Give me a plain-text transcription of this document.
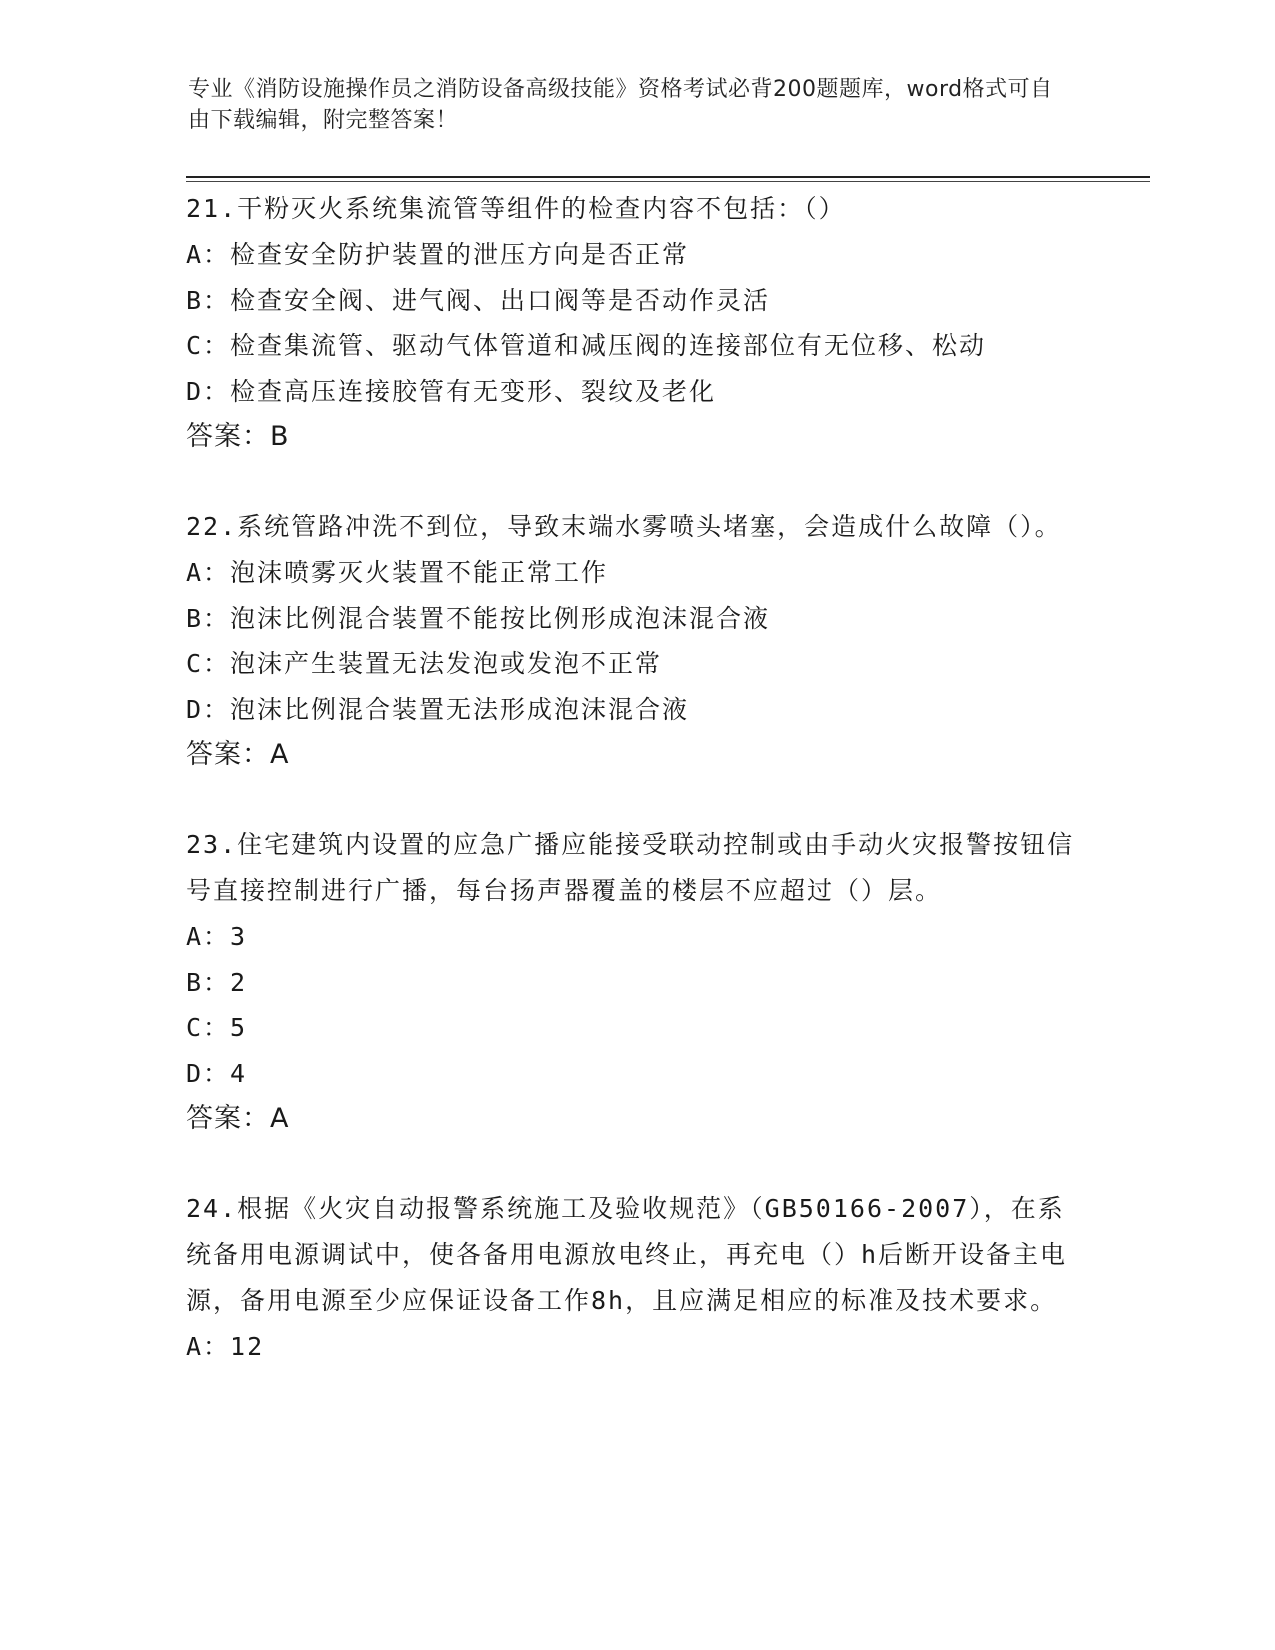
专业《消防设施操作员之消防设备高级技能》资格考试必背200题题库，word格式可自由下载编辑，附完整答案！
21.干粉灭火系统集流管等组件的检查内容不包括：（）
A：检查安全防护装置的泄压方向是否正常
B：检查安全阀、进气阀、出口阀等是否动作灵活
C：检查集流管、驱动气体管道和减压阀的连接部位有无位移、松动
D：检查高压连接胶管有无变形、裂纹及老化
答案：B
22.系统管路冲洗不到位，导致末端水雾喷头堵塞，会造成什么故障（）。
A：泡沫喷雾灭火装置不能正常工作
B：泡沫比例混合装置不能按比例形成泡沫混合液
C：泡沫产生装置无法发泡或发泡不正常
D：泡沫比例混合装置无法形成泡沫混合液
答案：A
23.住宅建筑内设置的应急广播应能接受联动控制或由手动火灾报警按钮信号直接控制进行广播，每台扬声器覆盖的楼层不应超过（）层。
A：3
B：2
C：5
D：4
答案：A
24.根据《火灾自动报警系统施工及验收规范》（GB50166-2007），在系统备用电源调试中，使各备用电源放电终止，再充电（）h后断开设备主电源，备用电源至少应保证设备工作8h，且应满足相应的标准及技术要求。
A：12
